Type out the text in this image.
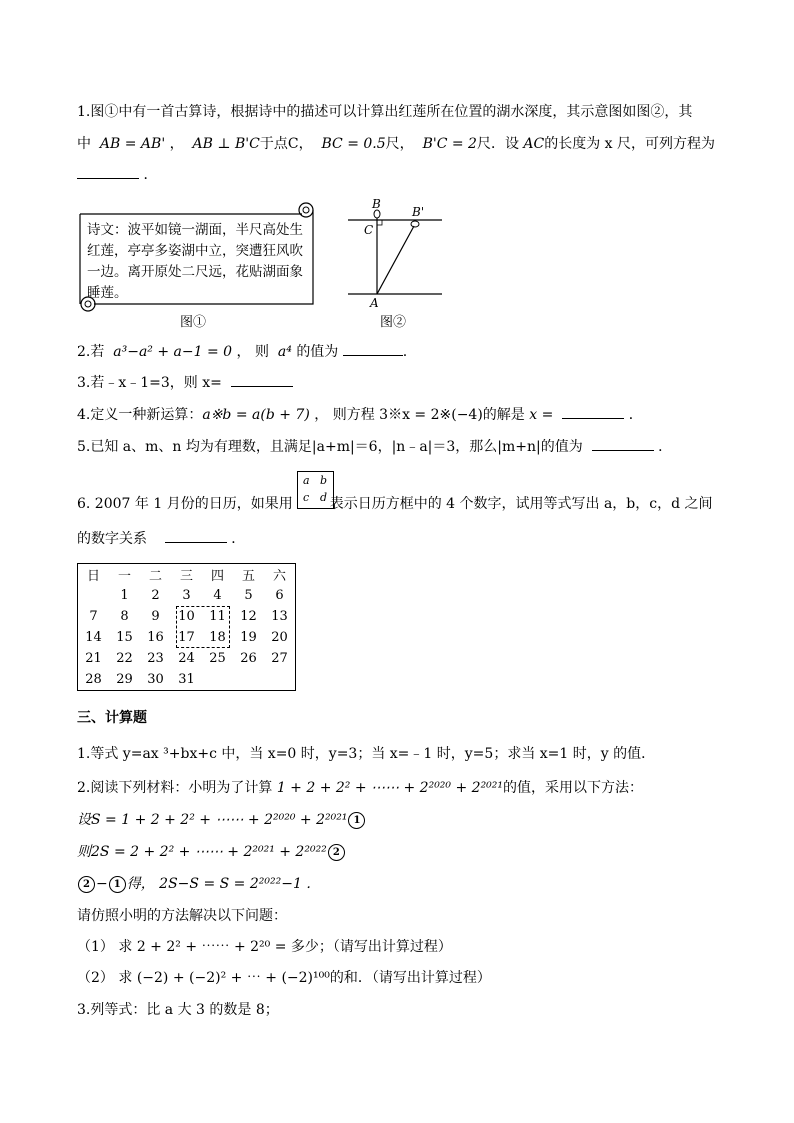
1.图①中有一首古算诗，根据诗中的描述可以计算出红莲所在位置的湖水深度，其示意图如图②，其
中 AB = AB' ，  AB ⊥ B'C于点C， BC = 0.5尺， B'C = 2尺．设 AC的长度为 x 尺，可列方程为
．
诗文：波平如镜一湖面，半尺高处生红莲，亭亭多姿湖中立，突遭狂风吹一边。离开原处二尺远，花贴湖面象睡莲。
图①
B
B'
C
A
图②
2.若 a³−a² + a−1 = 0 ， 则 a⁴ 的值为	.
3.若﹣x﹣1=3，则 x=
4.定义一种新运算：a※b = a(b + 7) ， 则方程 3※x = 2※(−4)的解是 x =	．
5.已知 a、m、n 均为有理数，且满足|a+m|＝6，|n﹣a|＝3，那么|m+n|的值为	．
6. 2007 年 1 月份的日历，如果用	表示日历方框中的 4 个数字，试用等式写出 a，b，c，d 之间
a b
c d
的数字关系	．
日	一	二	三	四	五	六
	1	2	3	4	5	6
7	8	9	10	11	12	13
14	15	16	17	18	19	20
21	22	23	24	25	26	27
28	29	30	31			
三、计算题
1.等式 y=ax ³+bx+c 中，当 x=0 时，y=3；当 x=﹣1 时，y=5；求当 x=1 时，y 的值．
2.阅读下列材料：小明为了计算 1 + 2 + 2² + ⋯⋯ + 2²⁰²⁰ + 2²⁰²¹的值，采用以下方法：
设S = 1 + 2 + 2² + ⋯⋯ + 2²⁰²⁰ + 2²⁰²¹ 1
则2S = 2 + 2² + ⋯⋯ + 2²⁰²¹ + 2²⁰²² 2
2 − 1 得， 2S−S = S = 2²⁰²²−1 ．
请仿照小明的方法解决以下问题：
（1） 求 2 + 2² + ⋯⋯ + 2²⁰ = 多少；（请写出计算过程）
（2） 求 (−2) + (−2)² + ⋯ + (−2)¹⁰⁰的和．（请写出计算过程）
3.列等式：比 a 大 3 的数是 8；
